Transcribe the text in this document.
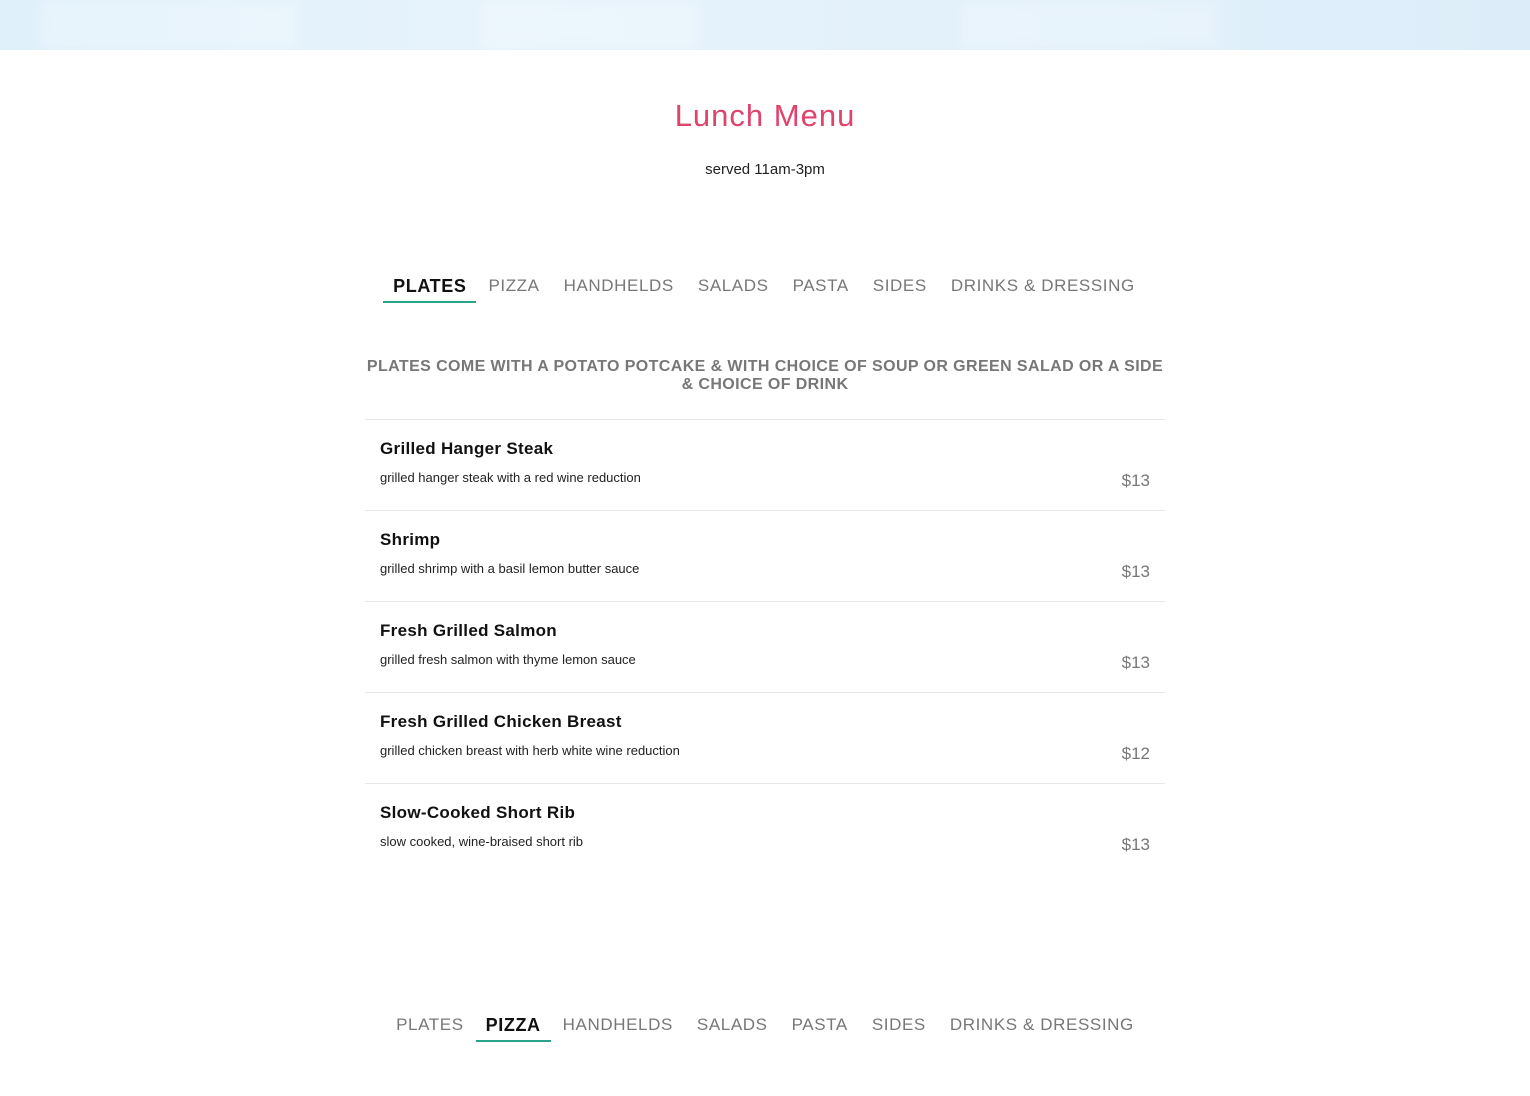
Lunch Menu
served 11am-3pm
PLATES	PIZZA	HANDHELDS	SALADS	PASTA	SIDES	DRINKS & DRESSING
PLATES COME WITH A POTATO POTCAKE & WITH CHOICE OF SOUP OR GREEN SALAD OR A SIDE & CHOICE OF DRINK
Grilled Hanger Steak
grilled hanger steak with a red wine reduction	$13
Shrimp
grilled shrimp with a basil lemon butter sauce	$13
Fresh Grilled Salmon
grilled fresh salmon with thyme lemon sauce	$13
Fresh Grilled Chicken Breast
grilled chicken breast with herb white wine reduction	$12
Slow-Cooked Short Rib
slow cooked, wine-braised short rib	$13
PLATES	PIZZA	HANDHELDS	SALADS	PASTA	SIDES	DRINKS & DRESSING
